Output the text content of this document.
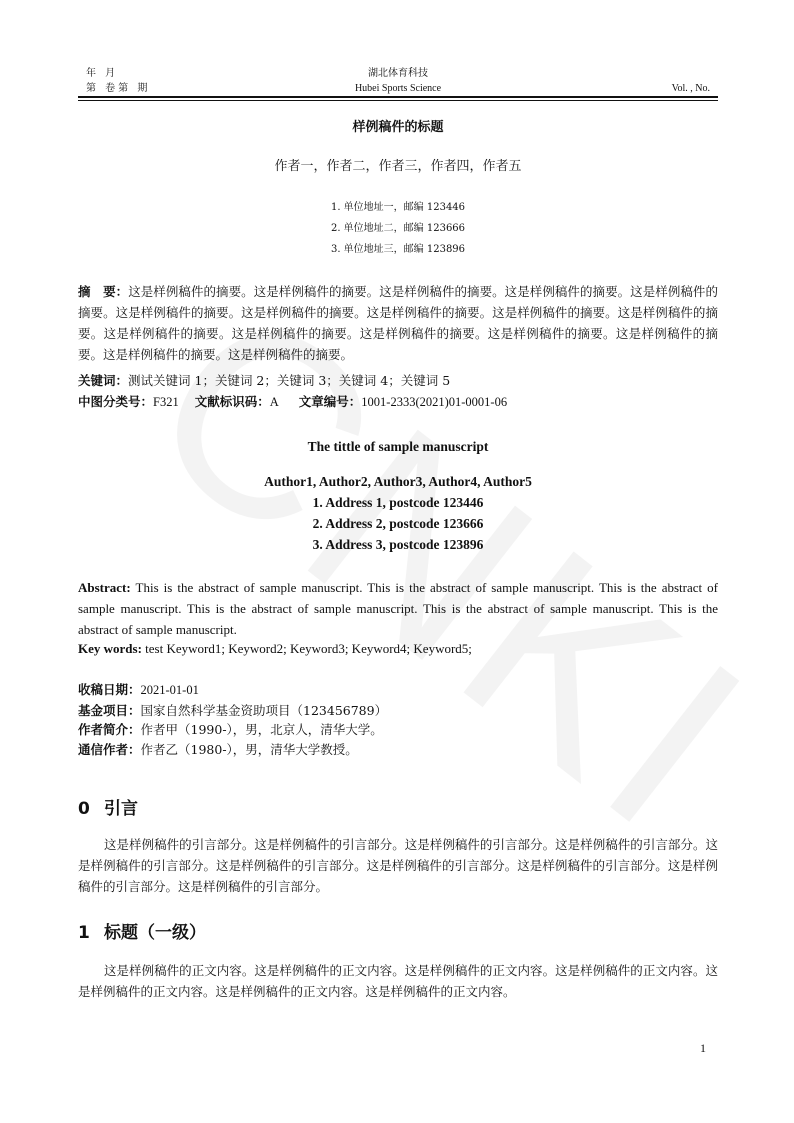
年 月
第 卷第 期
湖北体育科技
Hubei Sports Science	Vol. , No.
样例稿件的标题
作者一，作者二，作者三，作者四，作者五
1. 单位地址一，邮编 123446
2. 单位地址二，邮编 123666
3. 单位地址三，邮编 123896
摘　要：这是样例稿件的摘要。这是样例稿件的摘要。这是样例稿件的摘要。这是样例稿件的摘要。这是样例稿件的摘要。这是样例稿件的摘要。这是样例稿件的摘要。这是样例稿件的摘要。这是样例稿件的摘要。这是样例稿件的摘要。这是样例稿件的摘要。这是样例稿件的摘要。这是样例稿件的摘要。这是样例稿件的摘要。这是样例稿件的摘要。这是样例稿件的摘要。这是样例稿件的摘要。
关键词：测试关键词 1；关键词 2；关键词 3；关键词 4；关键词 5
中图分类号：F321 文献标识码：A 文章编号：1001-2333(2021)01-0001-06
The tittle of sample manuscript
Author1, Author2, Author3, Author4, Author5
1. Address 1, postcode 123446
2. Address 2, postcode 123666
3. Address 3, postcode 123896
Abstract: This is the abstract of sample manuscript. This is the abstract of sample manuscript. This is the abstract of sample manuscript. This is the abstract of sample manuscript. This is the abstract of sample manuscript. This is the abstract of sample manuscript.
Key words: test Keyword1; Keyword2; Keyword3; Keyword4; Keyword5;
收稿日期：2021-01-01
基金项目：国家自然科学基金资助项目（123456789）
作者简介：作者甲（1990-），男，北京人，清华大学。
通信作者：作者乙（1980-），男，清华大学教授。
0 引言
这是样例稿件的引言部分。这是样例稿件的引言部分。这是样例稿件的引言部分。这是样例稿件的引言部分。这是样例稿件的引言部分。这是样例稿件的引言部分。这是样例稿件的引言部分。这是样例稿件的引言部分。这是样例稿件的引言部分。这是样例稿件的引言部分。
1 标题（一级）
这是样例稿件的正文内容。这是样例稿件的正文内容。这是样例稿件的正文内容。这是样例稿件的正文内容。这是样例稿件的正文内容。这是样例稿件的正文内容。这是样例稿件的正文内容。
1
